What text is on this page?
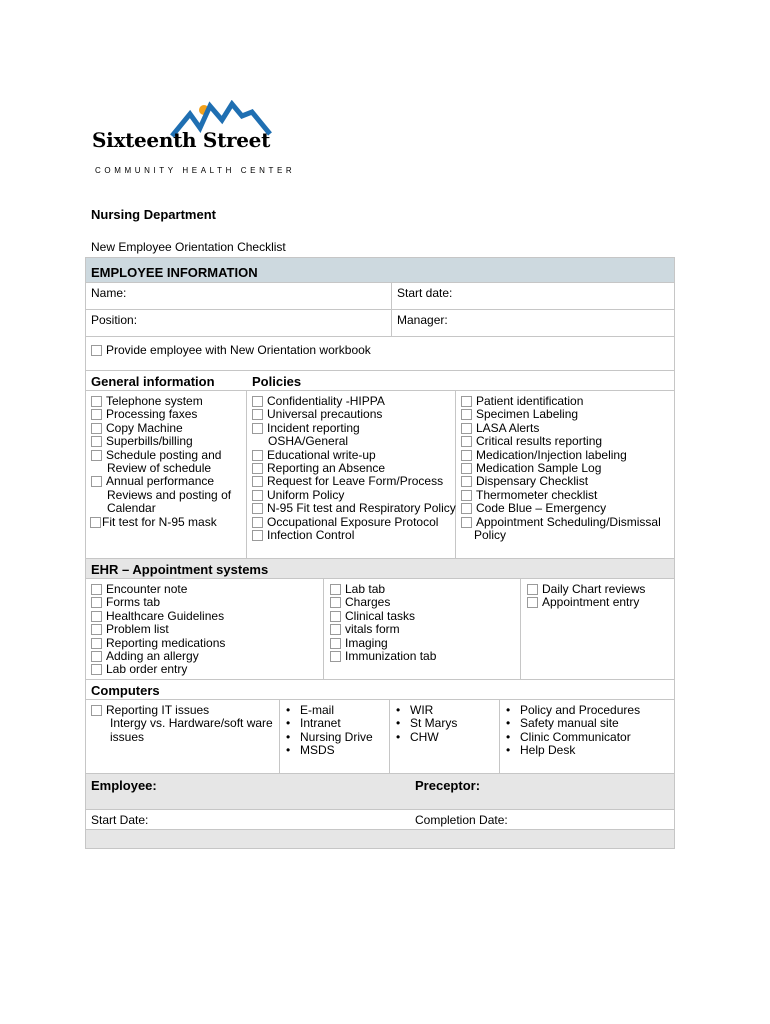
Sixteenth Street
COMMUNITY HEALTH CENTER
Nursing Department
New Employee Orientation Checklist
EMPLOYEE INFORMATION
Name:	Start date:
Position:	Manager:
Provide employee with New Orientation workbook
General information	Policies
Telephone system
Processing faxes
Copy Machine
Superbills/billing
Schedule posting and
Review of schedule
Annual performance
Reviews and posting of
Calendar
Fit test for N-95 mask
Confidentiality -HIPPA
Universal precautions
Incident reporting
OSHA/General
Educational write-up
Reporting an Absence
Request for Leave Form/Process
Uniform Policy
N-95 Fit test and Respiratory Policy
Occupational Exposure Protocol
Infection Control
Patient identification
Specimen Labeling
LASA Alerts
Critical results reporting
Medication/Injection labeling
Medication Sample Log
Dispensary Checklist
Thermometer checklist
Code Blue – Emergency
Appointment Scheduling/Dismissal
Policy
EHR – Appointment systems
Encounter note
Forms tab
Healthcare Guidelines
Problem list
Reporting medications
Adding an allergy
Lab order entry
Lab tab
Charges
Clinical tasks
vitals form
Imaging
Immunization tab
Daily Chart reviews
Appointment entry
Computers
Reporting IT issues
Intergy vs. Hardware/soft ware
issues
• E-mail
• Intranet
• Nursing Drive
• MSDS
• WIR
• St Marys
• CHW
• Policy and Procedures
• Safety manual site
• Clinic Communicator
• Help Desk
Employee:	Preceptor:
Start Date:	Completion Date:
